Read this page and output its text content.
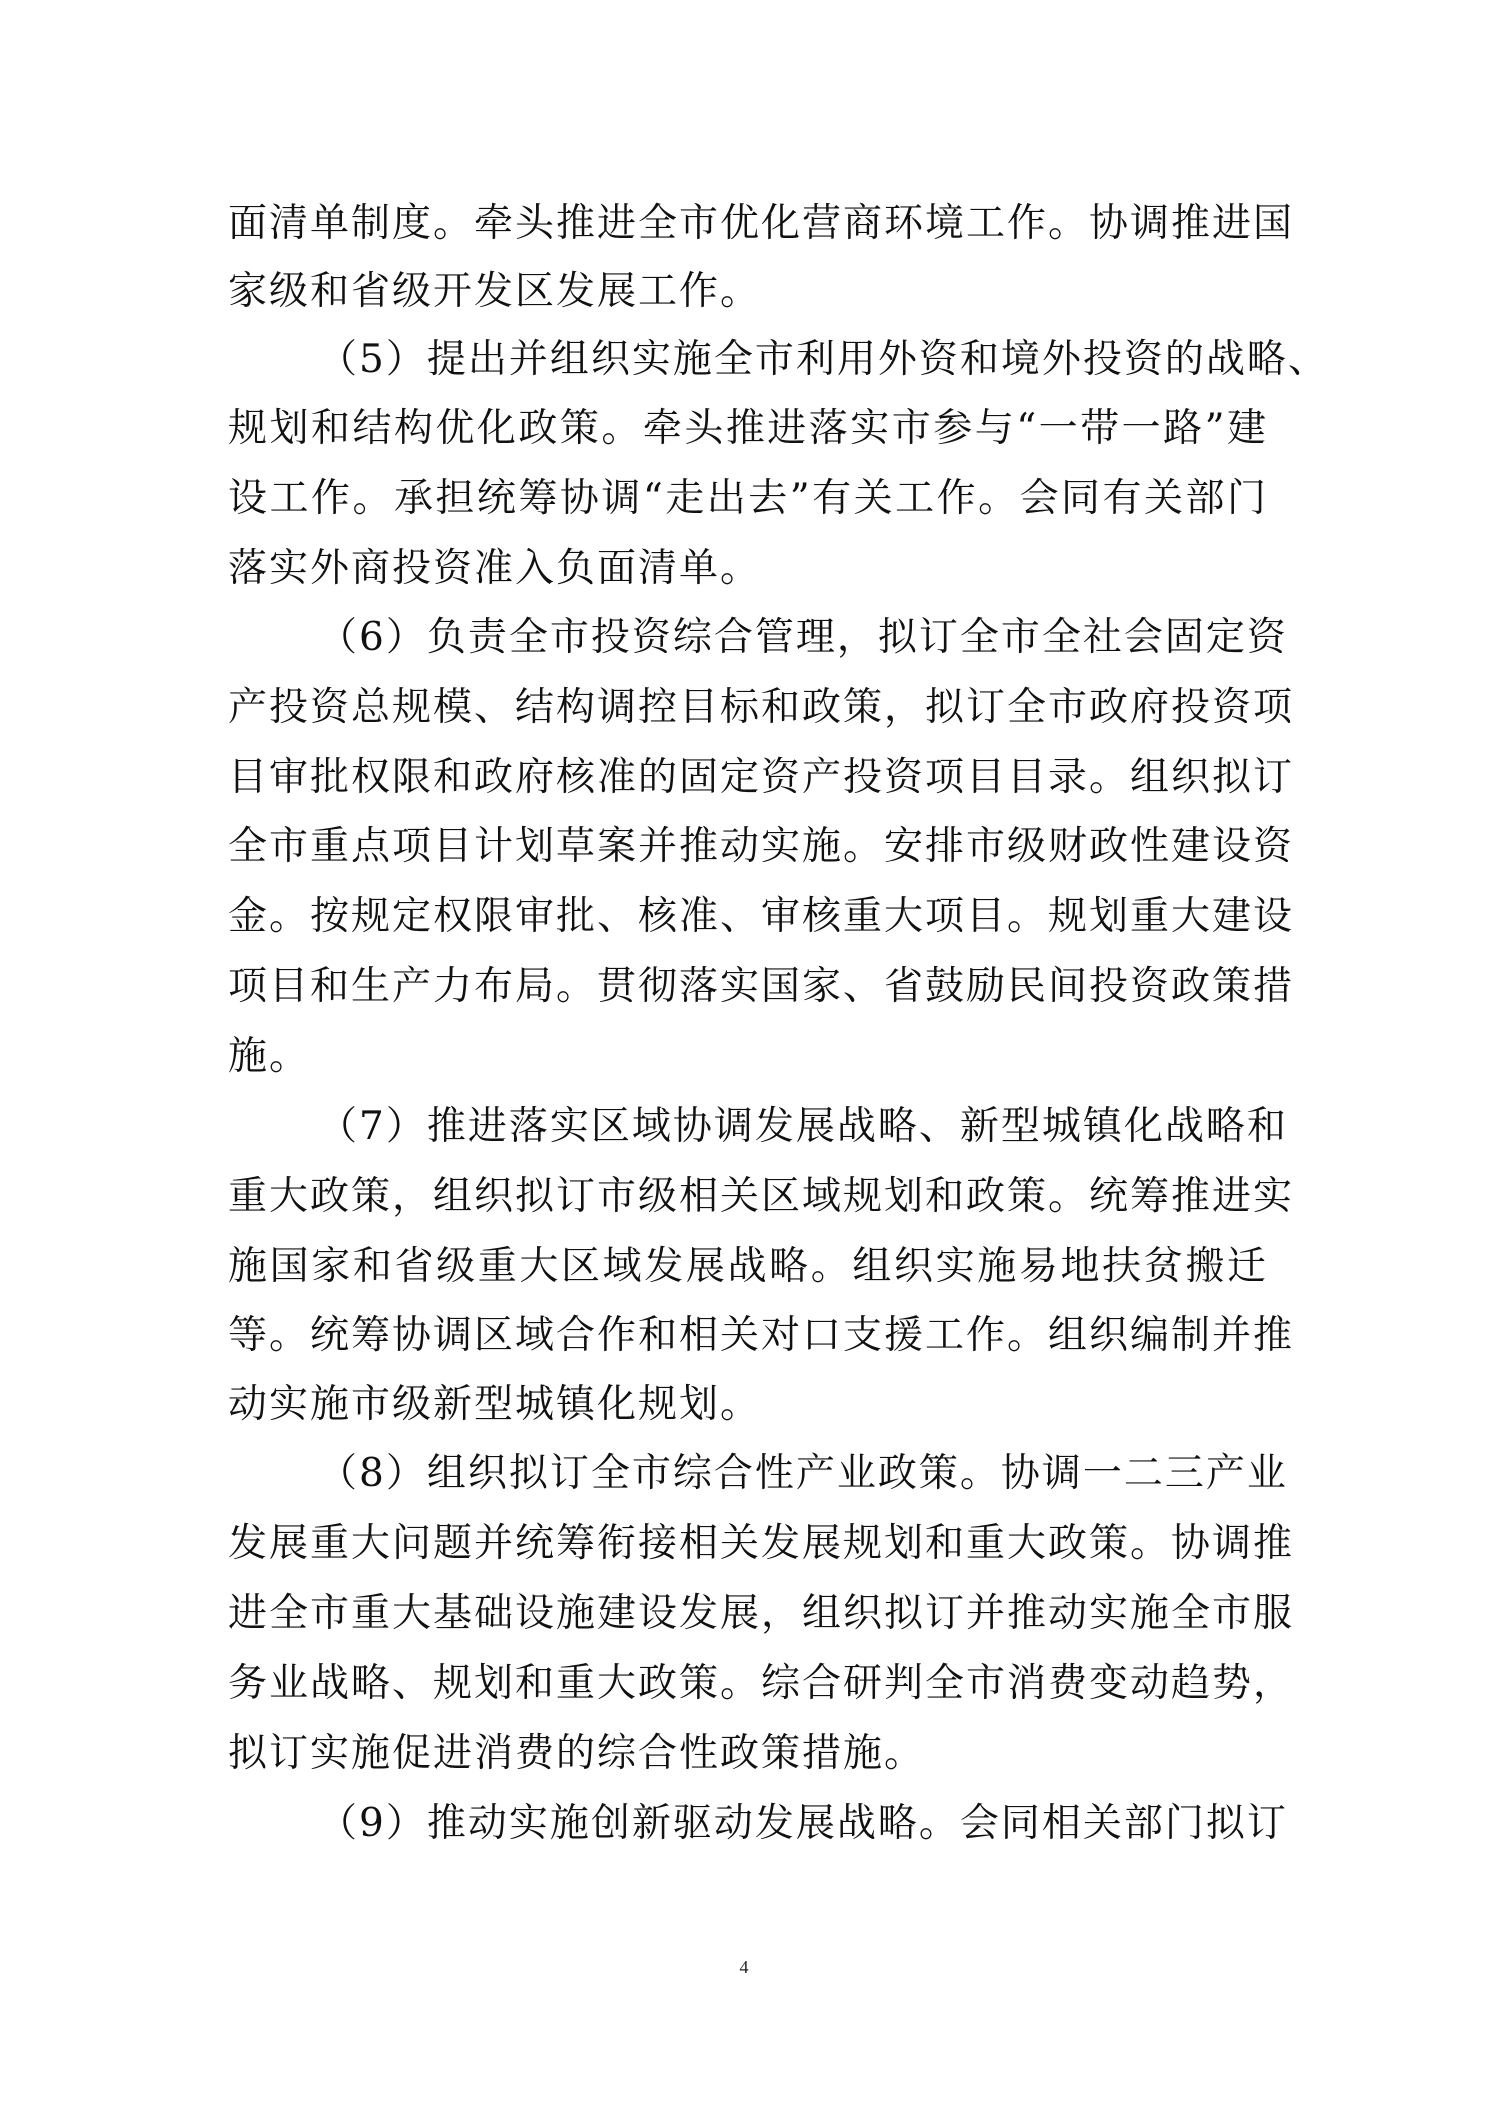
面清单制度。牵头推进全市优化营商环境工作。协调推进国
家级和省级开发区发展工作。
（5）提出并组织实施全市利用外资和境外投资的战略、
规划和结构优化政策。牵头推进落实市参与“一带一路”建
设工作。承担统筹协调“走出去”有关工作。会同有关部门
落实外商投资准入负面清单。
（6）负责全市投资综合管理，拟订全市全社会固定资
产投资总规模、结构调控目标和政策，拟订全市政府投资项
目审批权限和政府核准的固定资产投资项目目录。组织拟订
全市重点项目计划草案并推动实施。安排市级财政性建设资
金。按规定权限审批、核准、审核重大项目。规划重大建设
项目和生产力布局。贯彻落实国家、省鼓励民间投资政策措
施。
（7）推进落实区域协调发展战略、新型城镇化战略和
重大政策，组织拟订市级相关区域规划和政策。统筹推进实
施国家和省级重大区域发展战略。组织实施易地扶贫搬迁
等。统筹协调区域合作和相关对口支援工作。组织编制并推
动实施市级新型城镇化规划。
（8）组织拟订全市综合性产业政策。协调一二三产业
发展重大问题并统筹衔接相关发展规划和重大政策。协调推
进全市重大基础设施建设发展，组织拟订并推动实施全市服
务业战略、规划和重大政策。综合研判全市消费变动趋势，
拟订实施促进消费的综合性政策措施。
（9）推动实施创新驱动发展战略。会同相关部门拟订
4
